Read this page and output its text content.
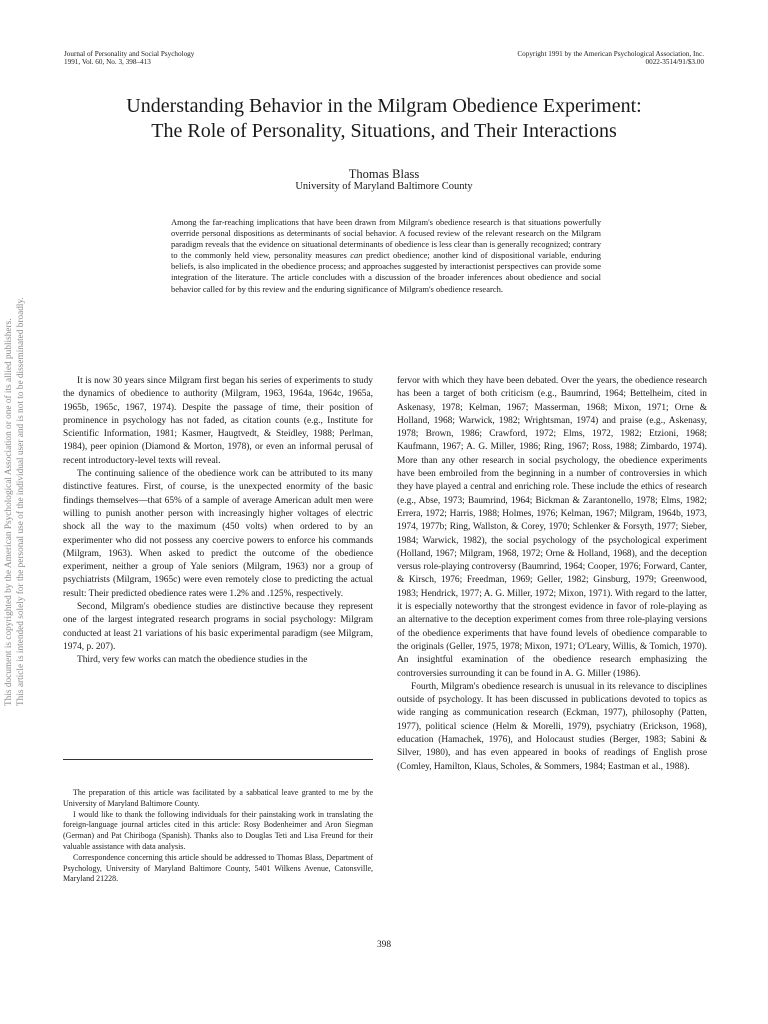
Journal of Personality and Social Psychology
1991, Vol. 60, No. 3, 398–413
Copyright 1991 by the American Psychological Association, Inc.
0022-3514/91/$3.00
Understanding Behavior in the Milgram Obedience Experiment:
The Role of Personality, Situations, and Their Interactions
Thomas Blass
University of Maryland Baltimore County
Among the far-reaching implications that have been drawn from Milgram's obedience research is that situations powerfully override personal dispositions as determinants of social behavior. A focused review of the relevant research on the Milgram paradigm reveals that the evidence on situational determinants of obedience is less clear than is generally recognized; contrary to the commonly held view, personality measures can predict obedience; another kind of dispositional variable, enduring beliefs, is also implicated in the obedience process; and approaches suggested by interactionist perspectives can provide some integration of the literature. The article concludes with a discussion of the broader inferences about obedience and social behavior called for by this review and the enduring significance of Milgram's obedience research.

It is now 30 years since Milgram first began his series of experiments to study the dynamics of obedience to authority (Milgram, 1963, 1964a, 1964c, 1965a, 1965b, 1965c, 1967, 1974). Despite the passage of time, their position of prominence in psychology has not faded, as citation counts (e.g., Institute for Scientific Information, 1981; Kasmer, Haugtvedt, & Steidley, 1988; Perlman, 1984), peer opinion (Diamond & Morton, 1978), or even an informal perusal of recent introductory-level texts will reveal.

The continuing salience of the obedience work can be attributed to its many distinctive features. First, of course, is the unexpected enormity of the basic findings themselves—that 65% of a sample of average American adult men were willing to punish another person with increasingly higher voltages of electric shock all the way to the maximum (450 volts) when ordered to by an experimenter who did not possess any coercive powers to enforce his commands (Milgram, 1963). When asked to predict the outcome of the obedience experiment, neither a group of Yale seniors (Milgram, 1963) nor a group of psychiatrists (Milgram, 1965c) were even remotely close to predicting the actual result: Their predicted obedience rates were 1.2% and .125%, respectively.

Second, Milgram's obedience studies are distinctive because they represent one of the largest integrated research programs in social psychology: Milgram conducted at least 21 variations of his basic experimental paradigm (see Milgram, 1974, p. 207).

Third, very few works can match the obedience studies in the

The preparation of this article was facilitated by a sabbatical leave granted to me by the University of Maryland Baltimore County.

I would like to thank the following individuals for their painstaking work in translating the foreign-language journal articles cited in this article: Rosy Bodenheimer and Aron Siegman (German) and Pat Chiriboga (Spanish). Thanks also to Douglas Teti and Lisa Freund for their valuable assistance with data analysis.

Correspondence concerning this article should be addressed to Thomas Blass, Department of Psychology, University of Maryland Baltimore County, 5401 Wilkens Avenue, Catonsville, Maryland 21228.

fervor with which they have been debated. Over the years, the obedience research has been a target of both criticism (e.g., Baumrind, 1964; Bettelheim, cited in Askenasy, 1978; Kelman, 1967; Masserman, 1968; Mixon, 1971; Orne & Holland, 1968; Warwick, 1982; Wrightsman, 1974) and praise (e.g., Askenasy, 1978; Brown, 1986; Crawford, 1972; Elms, 1972, 1982; Etzioni, 1968; Kaufmann, 1967; A. G. Miller, 1986; Ring, 1967; Ross, 1988; Zimbardo, 1974). More than any other research in social psychology, the obedience experiments have been embroiled from the beginning in a number of controversies in which they have played a central and enriching role. These include the ethics of research (e.g., Abse, 1973; Baumrind, 1964; Bickman & Zarantonello, 1978; Elms, 1982; Errera, 1972; Harris, 1988; Holmes, 1976; Kelman, 1967; Milgram, 1964b, 1973, 1974, 1977b; Ring, Wallston, & Corey, 1970; Schlenker & Forsyth, 1977; Sieber, 1984; Warwick, 1982), the social psychology of the psychological experiment (Holland, 1967; Milgram, 1968, 1972; Orne & Holland, 1968), and the deception versus role-playing controversy (Baumrind, 1964; Cooper, 1976; Forward, Canter, & Kirsch, 1976; Freedman, 1969; Geller, 1982; Ginsburg, 1979; Greenwood, 1983; Hendrick, 1977; A. G. Miller, 1972; Mixon, 1971). With regard to the latter, it is especially noteworthy that the strongest evidence in favor of role-playing as an alternative to the deception experiment comes from three role-playing versions of the obedience experiments that have found levels of obedience comparable to the originals (Geller, 1975, 1978; Mixon, 1971; O'Leary, Willis, & Tomich, 1970). An insightful examination of the obedience research emphasizing the controversies surrounding it can be found in A. G. Miller (1986).

Fourth, Milgram's obedience research is unusual in its relevance to disciplines outside of psychology. It has been discussed in publications devoted to topics as wide ranging as communication research (Eckman, 1977), philosophy (Patten, 1977), political science (Helm & Morelli, 1979), psychiatry (Erickson, 1968), education (Hamachek, 1976), and Holocaust studies (Berger, 1983; Sabini & Silver, 1980), and has even appeared in books of readings of English prose (Comley, Hamilton, Klaus, Scholes, & Sommers, 1984; Eastman et al., 1988).

398
This document is copyrighted by the American Psychological Association or one of its allied publishers. This article is intended solely for the personal use of the individual user and is not to be disseminated broadly.
